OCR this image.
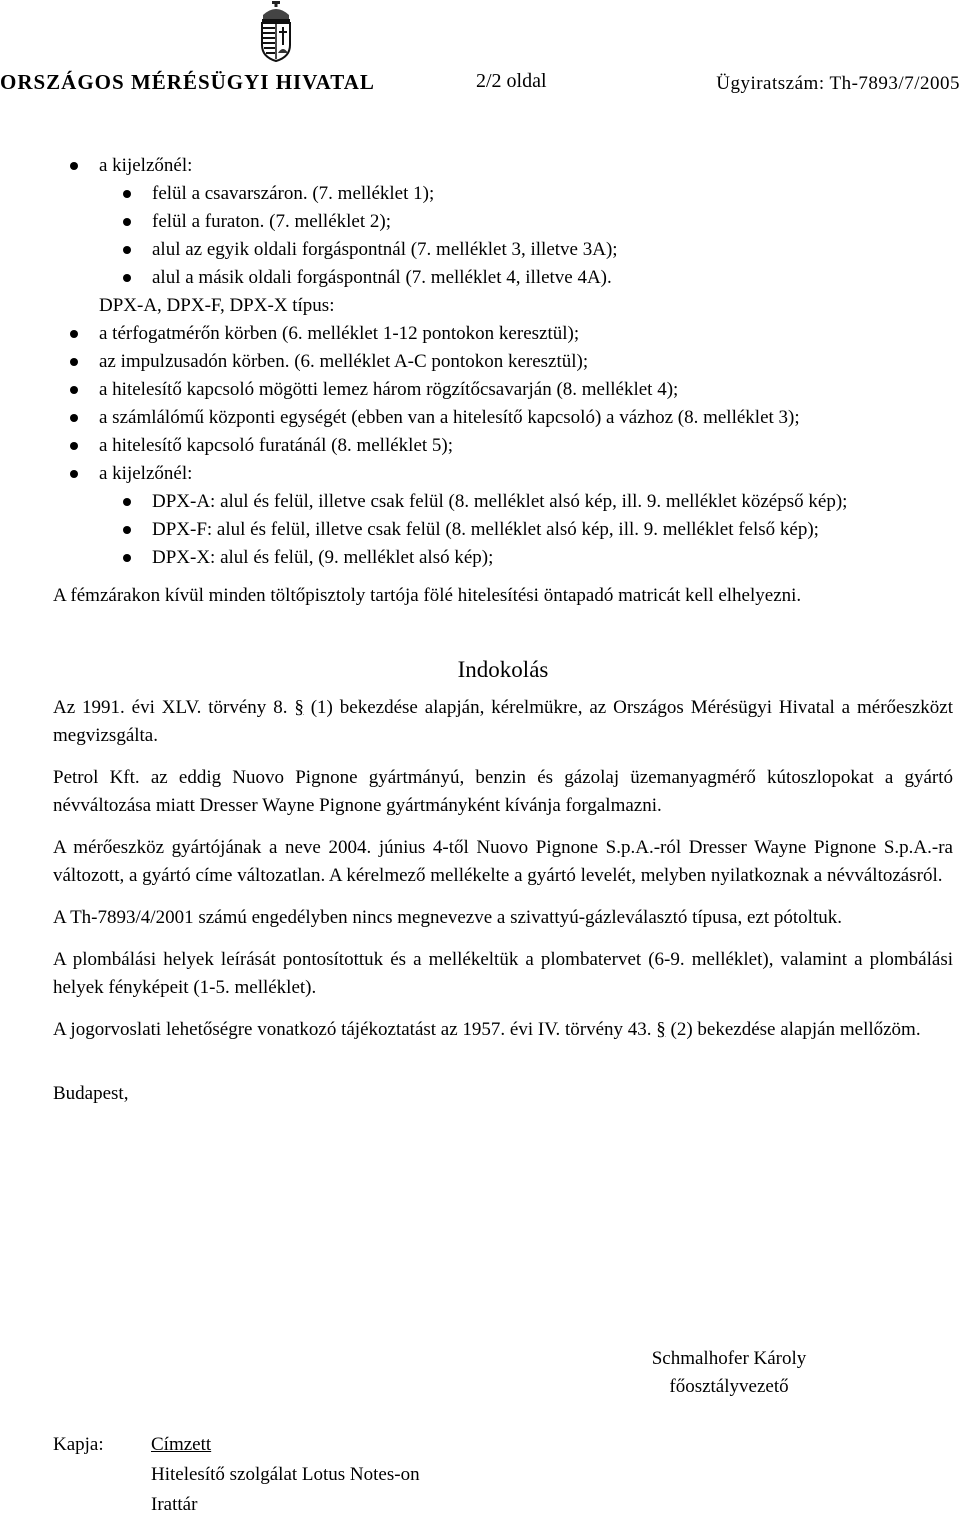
ORSZÁGOS MÉRÉSÜGYI HIVATAL	2/2 oldal	Ügyiratszám: Th-7893/7/2005
a kijelzőnél:
felül a csavarszáron. (7. melléklet 1);
felül a furaton. (7. melléklet 2);
alul az egyik oldali forgáspontnál (7. melléklet 3, illetve 3A);
alul a másik oldali forgáspontnál (7. melléklet 4, illetve 4A).
DPX-A, DPX-F, DPX-X típus:
a térfogatmérőn körben (6. melléklet 1-12 pontokon keresztül);
az impulzusadón körben. (6. melléklet A-C pontokon keresztül);
a hitelesítő kapcsoló mögötti lemez három rögzítőcsavarján (8. melléklet 4);
a számlálómű központi egységét (ebben van a hitelesítő kapcsoló) a vázhoz (8. melléklet 3);
a hitelesítő kapcsoló furatánál (8. melléklet 5);
a kijelzőnél:
DPX-A: alul és felül, illetve csak felül (8. melléklet alsó kép, ill. 9. melléklet középső kép);
DPX-F: alul és felül, illetve csak felül (8. melléklet alsó kép, ill. 9. melléklet felső kép);
DPX-X: alul és felül, (9. melléklet alsó kép);

A fémzárakon kívül minden töltőpisztoly tartója fölé hitelesítési öntapadó matricát kell elhelyezni.

Indokolás

Az 1991. évi XLV. törvény 8. § (1) bekezdése alapján, kérelmükre, az Országos Mérésügyi Hivatal a mérőeszközt megvizsgálta.

Petrol Kft. az eddig Nuovo Pignone gyártmányú, benzin és gázolaj üzemanyagmérő kútoszlopokat a gyártó névváltozása miatt Dresser Wayne Pignone gyártmányként kívánja forgalmazni.

A mérőeszköz gyártójának a neve 2004. június 4-től Nuovo Pignone S.p.A.-ról Dresser Wayne Pignone S.p.A.-ra változott, a gyártó címe változatlan. A kérelmező mellékelte a gyártó levelét, melyben nyilatkoznak a névváltozásról.

A Th-7893/4/2001 számú engedélyben nincs megnevezve a szivattyú-gázleválasztó típusa, ezt pótoltuk.

A plombálási helyek leírását pontosítottuk és a mellékeltük a plombatervet (6-9. melléklet), valamint a plombálási helyek fényképeit (1-5. melléklet).

A jogorvoslati lehetőségre vonatkozó tájékoztatást az 1957. évi IV. törvény 43. § (2) bekezdése alapján mellőzöm.

Budapest,
Schmalhofer Károly
főosztályvezető
Kapja: Címzett
Hitelesítő szolgálat Lotus Notes-on
Irattár
